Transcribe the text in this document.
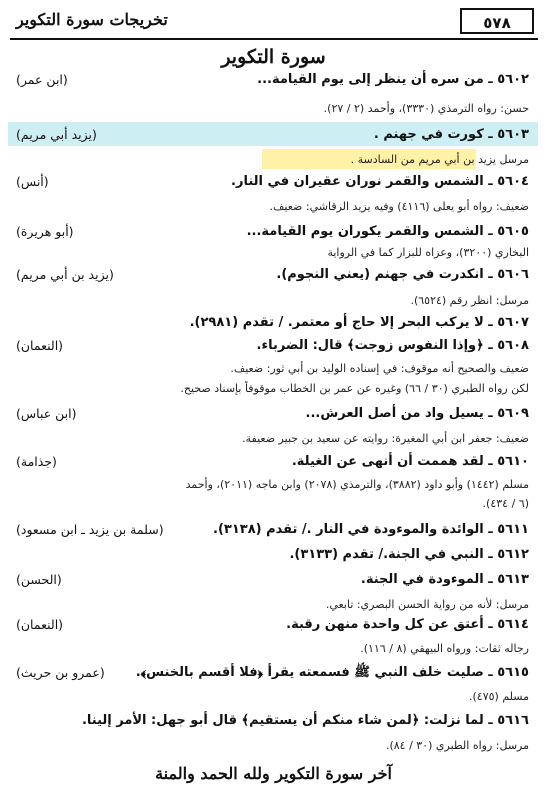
٥٧٨
تخريجات سورة التكوير
سورة التكوير
٥٦٠٢ ـ من سره أن ينظر إلى يوم القيامة...
(ابن عمر)
حسن: رواه الترمذي (٣٣٣٠)، وأحمد (٢ / ٢٧).
٥٦٠٣ ـ كورت في جهنم .
(يزيد أبي مريم)
مرسل يزيد بن أبي مريم من السادسة .
٥٦٠٤ ـ الشمس والقمر نوران عقيران في النار.
(أنس)
ضعيف: رواه أبو يعلى (٤١١٦) وفيه يزيد الرقاشي: ضعيف.
٥٦٠٥ ـ الشمس والقمر يكوران يوم القيامة...
(أبو هريرة)
البخاري (٣٢٠٠)، وعزاه للبزار كما في الرواية
٥٦٠٦ ـ انكدرت في جهنم (يعني النجوم).
(يزيد بن أبي مريم)
مرسل: انظر رقم (٦٥٢٤).
٥٦٠٧ ـ لا يركب البحر إلا حاج أو معتمر. / تقدم (٢٩٨١).
٥٦٠٨ ـ ﴿وإذا النفوس زوجت﴾ قال: الضرباء.
(النعمان)
ضعيف والصحيح أنه موقوف: في إسناده الوليد بن أبي ثور: ضعيف.
لكن رواه الطبري (٣٠ / ٦٦) وغيره عن عمر بن الخطاب موقوفاً بإسناد صحيح.
٥٦٠٩ ـ يسيل واد من أصل العرش...
(ابن عباس)
ضعيف: جعفر ابن أبي المغيرة: روايته عن سعيد بن جبير ضعيفة.
٥٦١٠ ـ لقد هممت أن أنهى عن الغيلة.
(جذامة)
مسلم (١٤٤٢) وأبو داود (٣٨٨٢)، والترمذي (٢٠٧٨) وابن ماجه (٢٠١١)، وأحمد
(٦ / ٤٣٤).
٥٦١١ ـ الوائدة والموءودة في النار ./ تقدم (٣١٣٨).
(سلمة بن يزيد ـ ابن مسعود)
٥٦١٢ ـ النبي في الجنة./ تقدم (٣١٣٣).
٥٦١٣ ـ الموءودة في الجنة.
(الحسن)
مرسل: لأنه من رواية الحسن البصري: تابعي.
٥٦١٤ ـ أعتق عن كل واحدة منهن رقبة.
(النعمان)
رجاله ثقات: ورواه البيهقي (٨ / ١١٦).
٥٦١٥ ـ صليت خلف النبي ﷺ فسمعته يقرأ ﴿فلا أقسم بالخنس﴾.
(عمرو بن حريث)
مسلم (٤٧٥).
٥٦١٦ ـ لما نزلت: ﴿لمن شاء منكم أن يستقيم﴾ قال أبو جهل: الأمر إلينا.
مرسل: رواه الطبري (٣٠ / ٨٤).
آخر سورة التكوير ولله الحمد والمنة
